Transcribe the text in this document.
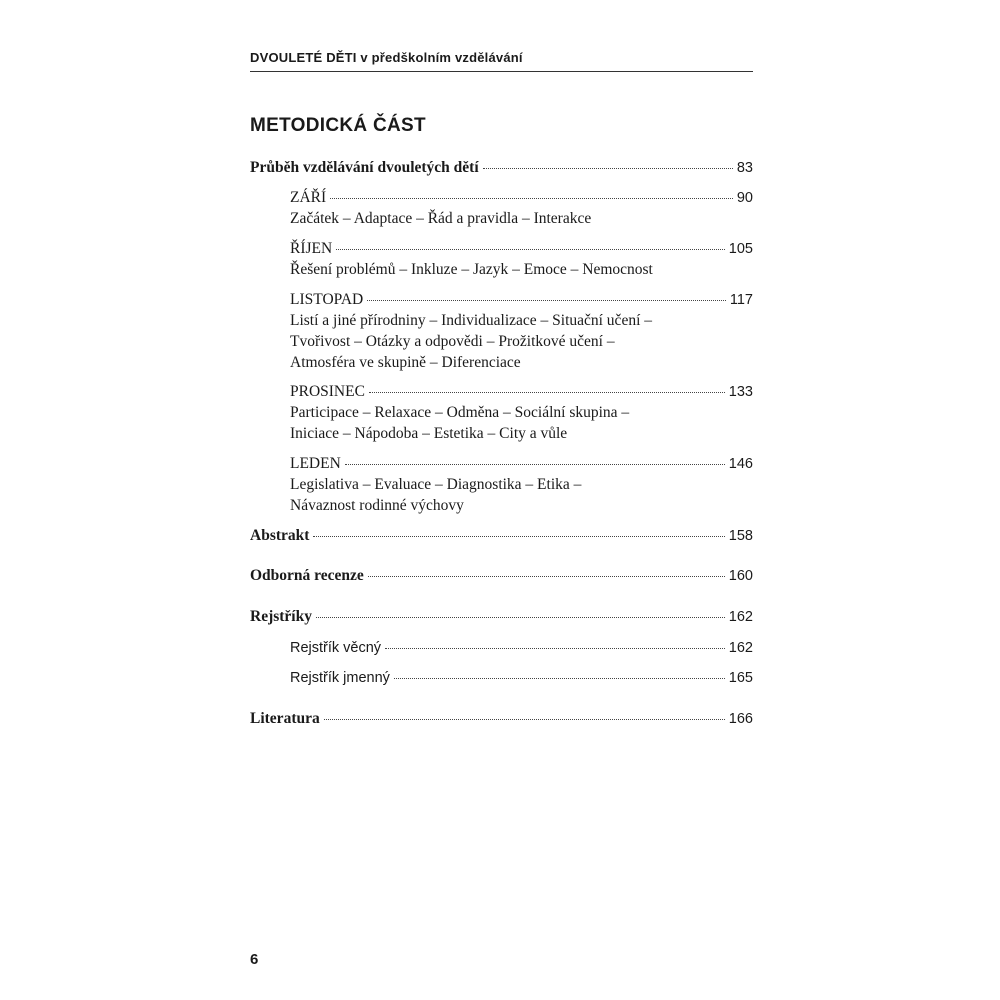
DVOULETÉ DĚTI v předškolním vzdělávání
METODICKÁ ČÁST
Průběh vzdělávání dvouletých dětí	83
ZÁŘÍ	90
Začátek – Adaptace – Řád a pravidla – Interakce
ŘÍJEN	105
Řešení problémů – Inkluze – Jazyk – Emoce – Nemocnost
LISTOPAD	117
Listí a jiné přírodniny – Individualizace – Situační učení –
Tvořivost – Otázky a odpovědi – Prožitkové učení –
Atmosféra ve skupině – Diferenciace
PROSINEC	133
Participace – Relaxace – Odměna – Sociální skupina –
Iniciace – Nápodoba – Estetika – City a vůle
LEDEN	146
Legislativa – Evaluace – Diagnostika – Etika –
Návaznost rodinné výchovy
Abstrakt	158
Odborná recenze	160
Rejstříky	162
Rejstřík věcný	162
Rejstřík jmenný	165
Literatura	166
6
